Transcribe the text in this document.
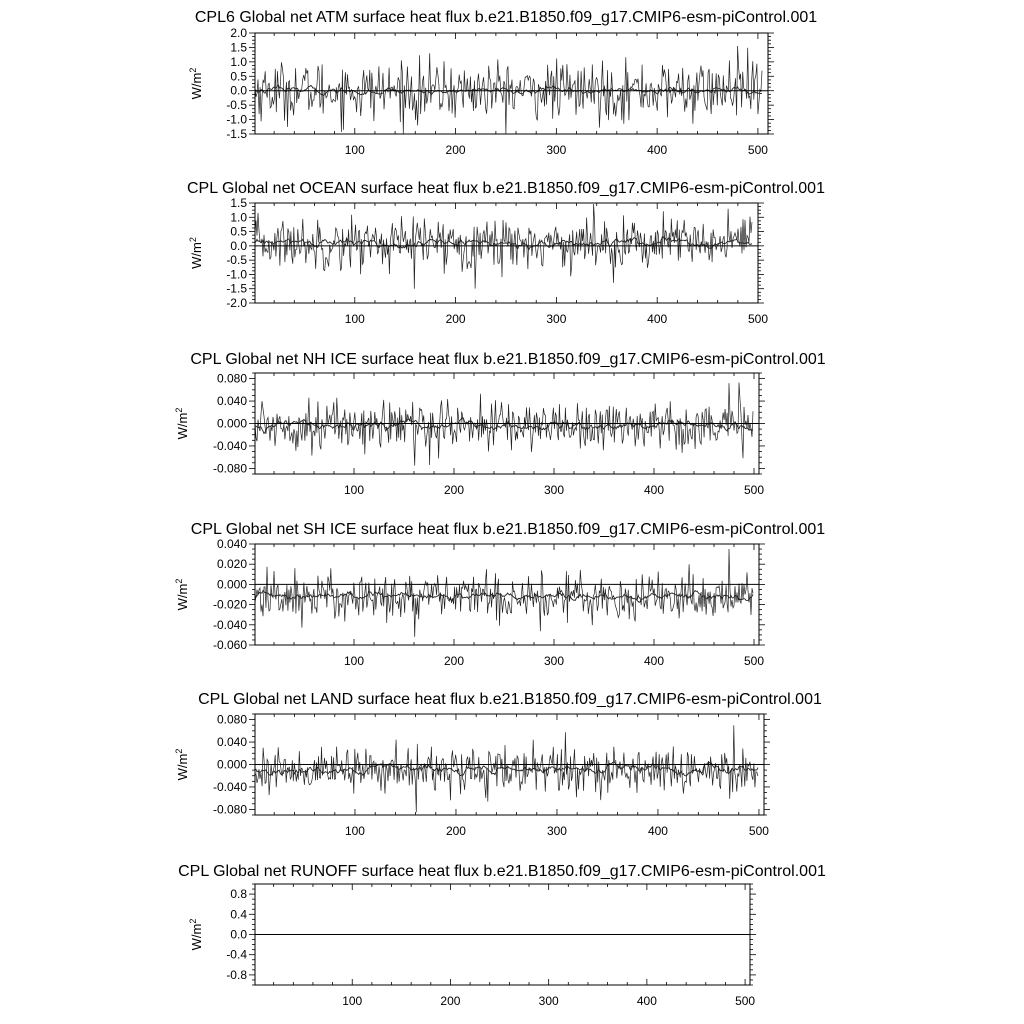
CPL6 Global net ATM surface heat flux b.e21.B1850.f09_g17.CMIP6-esm-piControl.001
100	200	300	400	500
-1.5
-1.0
-0.5
0.0
0.5
1.0
1.5
2.0
$W/m^2$
CPL Global net OCEAN surface heat flux b.e21.B1850.f09_g17.CMIP6-esm-piControl.001
100	200	300	400	500
-2.0
-1.5
-1.0
-0.5
0.0
0.5
1.0
1.5
$W/m^2$
CPL Global net NH ICE surface heat flux b.e21.B1850.f09_g17.CMIP6-esm-piControl.001
100	200	300	400	500
-0.080
-0.040
0.000
0.040
0.080
$W/m^2$
CPL Global net SH ICE surface heat flux b.e21.B1850.f09_g17.CMIP6-esm-piControl.001
100	200	300	400	500
-0.060
-0.040
-0.020
0.000
0.020
0.040
$W/m^2$
CPL Global net LAND surface heat flux b.e21.B1850.f09_g17.CMIP6-esm-piControl.001
100	200	300	400	500
-0.080
-0.040
0.000
0.040
0.080
$W/m^2$
CPL Global net RUNOFF surface heat flux b.e21.B1850.f09_g17.CMIP6-esm-piControl.001
100	200	300	400	500
-0.8
-0.4
0.0
0.4
0.8
$W/m^2$
